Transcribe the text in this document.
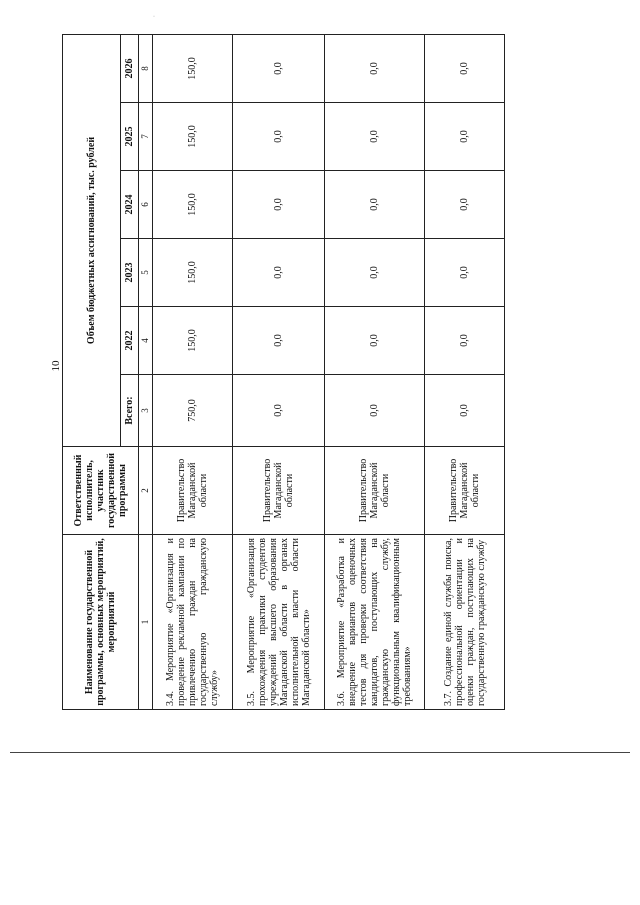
10
·
Наименование государственной программы, основных мероприятий, мероприятий	Ответственный исполнитель, участник государственной программы	Объем бюджетных ассигнований, тыс. рублей					
		Всего:	2022	2023	2024	2025	2026
1	2	3	4	5	6	7	8
3.4. Мероприятие «Организация и проведение рекламной кампании по привлечению граждан на государственную гражданскую службу»	Правительство Магаданской области	750,0	150,0	150,0	150,0	150,0	150,0
3.5. Мероприятие «Организация прохождения практики студентов учреждений высшего образования Магаданской области в органах исполнительной власти области Магаданской области»	Правительство Магаданской области	0,0	0,0	0,0	0,0	0,0	0,0
3.6. Мероприятие «Разработка и внедрение вариантов оценочных тестов для проверки соответствия кандидатов, поступающих на гражданскую службу, функциональным квалификационным требованиям»	Правительство Магаданской области	0,0	0,0	0,0	0,0	0,0	0,0
3.7. Создание единой службы поиска, профессиональной ориентации и оценки граждан, поступающих на государственную гражданскую службу	Правительство Магаданской области	0,0	0,0	0,0	0,0	0,0	0,0
